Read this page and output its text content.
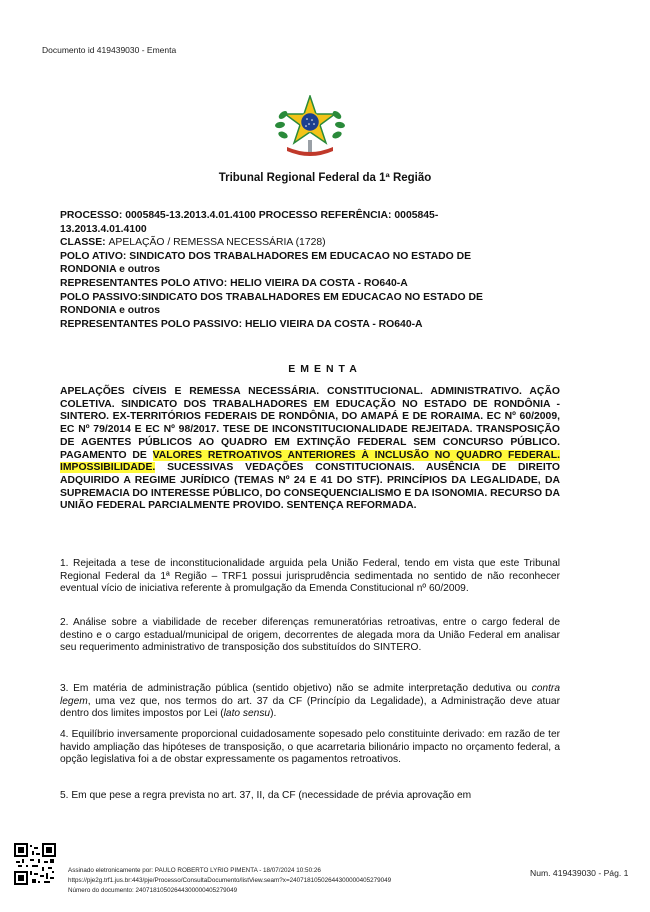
Documento id 419439030 - Ementa
Tribunal Regional Federal da 1ª Região
PROCESSO: 0005845-13.2013.4.01.4100 PROCESSO REFERÊNCIA: 0005845-
13.2013.4.01.4100
CLASSE: APELAÇÃO / REMESSA NECESSÁRIA (1728)
POLO ATIVO: SINDICATO DOS TRABALHADORES EM EDUCACAO NO ESTADO DE
RONDONIA e outros
REPRESENTANTES POLO ATIVO: HELIO VIEIRA DA COSTA - RO640-A
POLO PASSIVO:SINDICATO DOS TRABALHADORES EM EDUCACAO NO ESTADO DE
RONDONIA e outros
REPRESENTANTES POLO PASSIVO: HELIO VIEIRA DA COSTA - RO640-A
EMENTA
APELAÇÕES CÍVEIS E REMESSA NECESSÁRIA. CONSTITUCIONAL. ADMINISTRATIVO. AÇÃO COLETIVA. SINDICATO DOS TRABALHADORES EM EDUCAÇÃO NO ESTADO DE RONDÔNIA - SINTERO. EX-TERRITÓRIOS FEDERAIS DE RONDÔNIA, DO AMAPÁ E DE RORAIMA. EC Nº 60/2009, EC Nº 79/2014 E EC Nº 98/2017. TESE DE INCONSTITUCIONALIDADE REJEITADA. TRANSPOSIÇÃO DE AGENTES PÚBLICOS AO QUADRO EM EXTINÇÃO FEDERAL SEM CONCURSO PÚBLICO. PAGAMENTO DE VALORES RETROATIVOS ANTERIORES À INCLUSÃO NO QUADRO FEDERAL. IMPOSSIBILIDADE. SUCESSIVAS VEDAÇÕES CONSTITUCIONAIS. AUSÊNCIA DE DIREITO ADQUIRIDO A REGIME JURÍDICO (TEMAS Nº 24 E 41 DO STF). PRINCÍPIOS DA LEGALIDADE, DA SUPREMACIA DO INTERESSE PÚBLICO, DO CONSEQUENCIALISMO E DA ISONOMIA. RECURSO DA UNIÃO FEDERAL PARCIALMENTE PROVIDO. SENTENÇA REFORMADA.
1. Rejeitada a tese de inconstitucionalidade arguida pela União Federal, tendo em vista que este Tribunal Regional Federal da 1ª Região – TRF1 possui jurisprudência sedimentada no sentido de não reconhecer eventual vício de iniciativa referente à promulgação da Emenda Constitucional nº 60/2009.
2. Análise sobre a viabilidade de receber diferenças remuneratórias retroativas, entre o cargo federal de destino e o cargo estadual/municipal de origem, decorrentes de alegada mora da União Federal em analisar seu requerimento administrativo de transposição dos substituídos do SINTERO.
3. Em matéria de administração pública (sentido objetivo) não se admite interpretação dedutiva ou contra legem, uma vez que, nos termos do art. 37 da CF (Princípio da Legalidade), a Administração deve atuar dentro dos limites impostos por Lei (lato sensu).
4. Equilíbrio inversamente proporcional cuidadosamente sopesado pelo constituinte derivado: em razão de ter havido ampliação das hipóteses de transposição, o que acarretaria bilionário impacto no orçamento federal, a opção legislativa foi a de obstar expressamente os pagamentos retroativos.
5. Em que pese a regra prevista no art. 37, II, da CF (necessidade de prévia aprovação em
Assinado eletronicamente por: PAULO ROBERTO LYRIO PIMENTA - 18/07/2024 10:50:26
https://pje2g.trf1.jus.br:443/pje/Processo/ConsultaDocumento/listView.seam?x=24071810502644300000405279049
Número do documento: 24071810502644300000405279049
Num. 419439030 - Pág. 1
